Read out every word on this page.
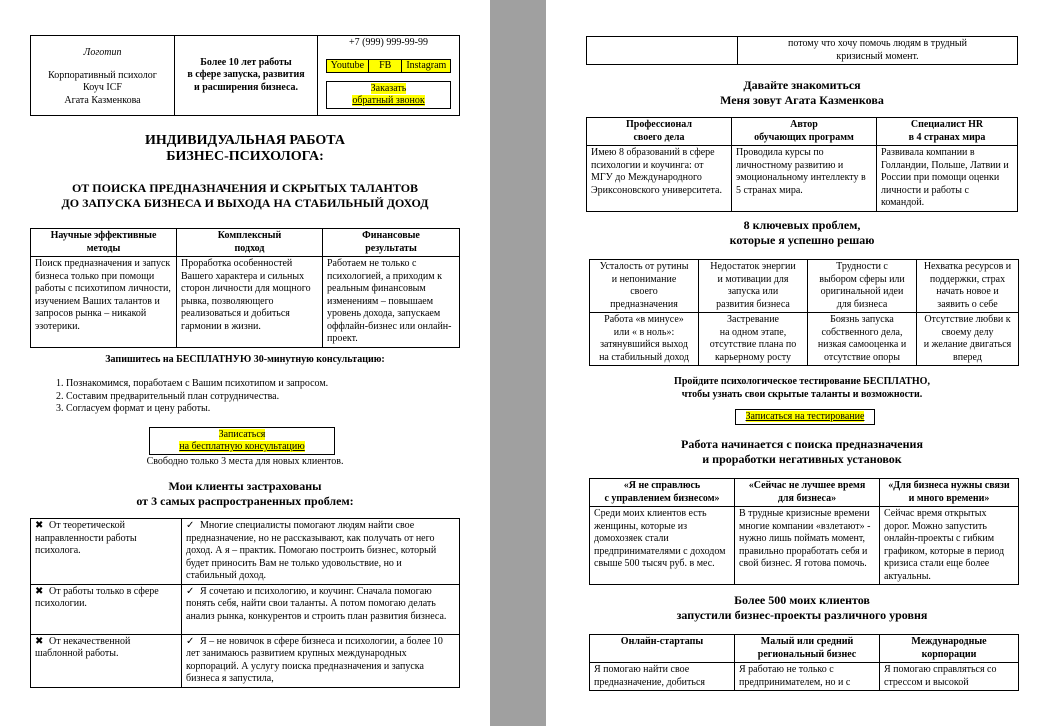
Логотип
Корпоративный психолог
Коуч ICF
Агата Казменкова

Более 10 лет работы
в сфере запуска, развития
и расширения бизнеса.

+7 (999) 999-99-99
Youtube	FB	Instagram
Заказать
обратный звонок
ИНДИВИДУАЛЬНАЯ РАБОТА
БИЗНЕС-ПСИХОЛОГА:
ОТ ПОИСКА ПРЕДНАЗНАЧЕНИЯ И СКРЫТЫХ ТАЛАНТОВ
ДО ЗАПУСКА БИЗНЕСА И ВЫХОДА НА СТАБИЛЬНЫЙ ДОХОД
Научные эффективные
методы	Комплексный
подход	Финансовые
результаты
Поиск предназначения и запуск бизнеса только при помощи работы с психотипом личности, изучением Ваших талантов и запросов рынка – никакой эзотерики.	Проработка особенностей Вашего характера и сильных сторон личности для мощного рывка, позволяющего реализоваться и добиться гармонии в жизни.	Работаем не только с психологией, а приходим к реальным финансовым изменениям – повышаем уровень дохода, запускаем оффлайн-бизнес или онлайн-проект.
Запишитесь на БЕСПЛАТНУЮ 30-минутную консультацию:
1. Познакомимся, поработаем с Вашим психотипом и запросом.
2. Составим предварительный план сотрудничества.
3. Согласуем формат и цену работы.
Записаться
на бесплатную консультацию
Свободно только 3 места для новых клиентов.
Мои клиенты застрахованы
от 3 самых распространенных проблем:
✖ От теоретической направленности работы психолога.	✓ Многие специалисты помогают людям найти свое предназначение, но не рассказывают, как получать от него доход. А я – практик. Помогаю построить бизнес, который будет приносить Вам не только удовольствие, но и стабильный доход.
✖ От работы только в сфере психологии.	✓ Я сочетаю и психологию, и коучинг. Сначала помогаю понять себя, найти свои таланты. А потом помогаю делать анализ рынка, конкурентов и строить план развития бизнеса.
✖ От некачественной шаблонной работы.	✓ Я – не новичок в сфере бизнеса и психологии, а более 10 лет занимаюсь развитием крупных международных корпораций. А услугу поиска предназначения и запуска бизнеса я запустила,
	потому что хочу помочь людям в трудный
кризисный момент.
Давайте знакомиться
Меня зовут Агата Казменкова
Профессионал
своего дела	Автор
обучающих программ	Специалист HR
в 4 странах мира
Имею 8 образований в сфере психологии и коучинга: от МГУ до Международного Эриксоновского университета.	Проводила курсы по личностному развитию и эмоциональному интеллекту в 5 странах мира.	Развивала компании в Голландии, Польше, Латвии и России при помощи оценки личности и работы с командой.
8 ключевых проблем,
которые я успешно решаю
Усталость от рутины
и непонимание
своего
предназначения	Недостаток энергии
и мотивации для
запуска или
развития бизнеса	Трудности с
выбором сферы или
оригинальной идеи
для бизнеса	Нехватка ресурсов и
поддержки, страх
начать новое и
заявить о себе
Работа «в минусе»
или « в ноль»:
затянувшийся выход
на стабильный доход	Застревание
на одном этапе,
отсутствие плана по
карьерному росту	Боязнь запуска
собственного дела,
низкая самооценка и
отсутствие опоры	Отсутствие любви к
своему делу
и желание двигаться
вперед
Пройдите психологическое тестирование БЕСПЛАТНО,
чтобы узнать свои скрытые таланты и возможности.
Записаться на тестирование
Работа начинается с поиска предназначения
и проработки негативных установок
«Я не справлюсь
с управлением бизнесом»	«Сейчас не лучшее время
для бизнеса»	«Для бизнеса нужны связи
и много времени»
Среди моих клиентов есть женщины, которые из домохозяек стали предпринимателями с доходом свыше 500 тысяч руб. в мес.	В трудные кризисные времени многие компании «взлетают» - нужно лишь поймать момент, правильно проработать себя и свой бизнес. Я готова помочь.	Сейчас время открытых дорог. Можно запустить онлайн-проекты с гибким графиком, которые в период кризиса стали еще более актуальны.
Более 500 моих клиентов
запустили бизнес-проекты различного уровня
Онлайн-стартапы	Малый или средний
региональный бизнес	Международные
корпорации
Я помогаю найти свое предназначение, добиться	Я работаю не только с предпринимателем, но и с	Я помогаю справляться со стрессом и высокой
